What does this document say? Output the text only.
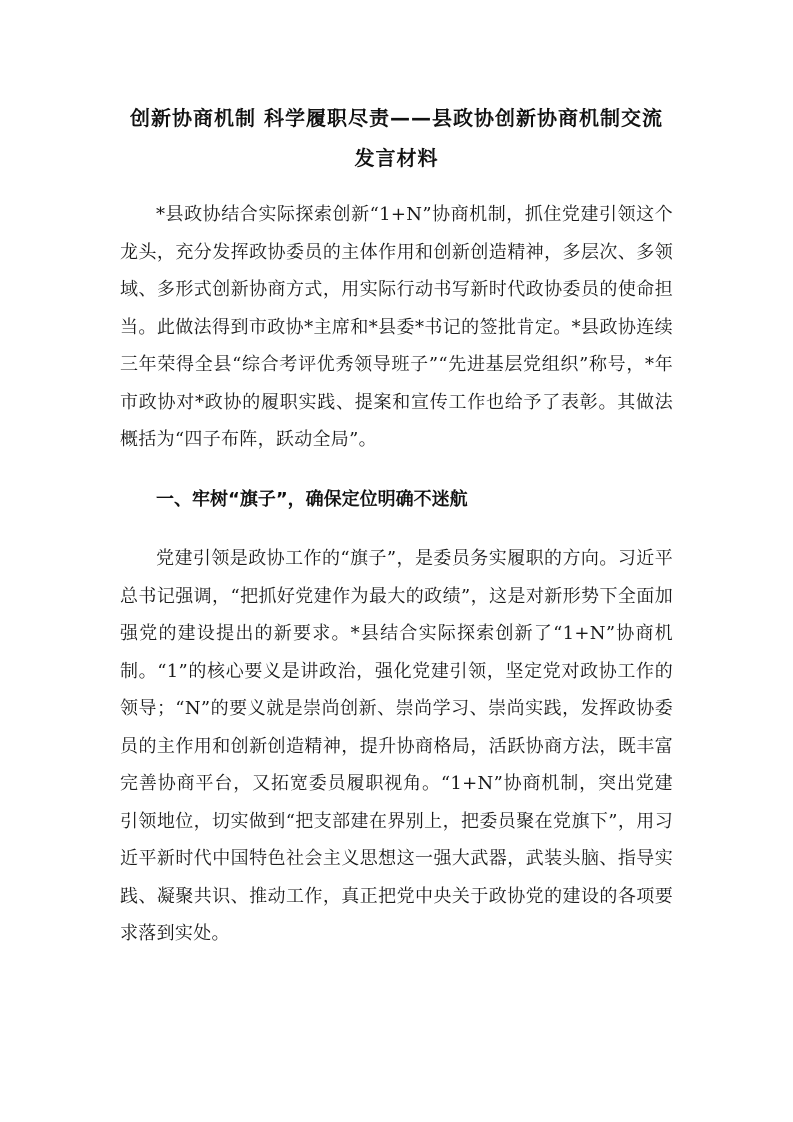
创新协商机制 科学履职尽责——县政协创新协商机制交流发言材料

*县政协结合实际探索创新“1+N”协商机制，抓住党建引领这个龙头，充分发挥政协委员的主体作用和创新创造精神，多层次、多领域、多形式创新协商方式，用实际行动书写新时代政协委员的使命担当。此做法得到市政协*主席和*县委*书记的签批肯定。*县政协连续三年荣得全县“综合考评优秀领导班子”“先进基层党组织”称号，*年市政协对*政协的履职实践、提案和宣传工作也给予了表彰。其做法概括为“四子布阵，跃动全局”。

一、牢树“旗子”，确保定位明确不迷航

党建引领是政协工作的“旗子”，是委员务实履职的方向。习近平总书记强调，“把抓好党建作为最大的政绩”，这是对新形势下全面加强党的建设提出的新要求。*县结合实际探索创新了“1+N”协商机制。“1”的核心要义是讲政治，强化党建引领，坚定党对政协工作的领导；“N”的要义就是崇尚创新、崇尚学习、崇尚实践，发挥政协委员的主作用和创新创造精神，提升协商格局，活跃协商方法，既丰富完善协商平台，又拓宽委员履职视角。“1+N”协商机制，突出党建引领地位，切实做到“把支部建在界别上，把委员聚在党旗下”，用习近平新时代中国特色社会主义思想这一强大武器，武装头脑、指导实践、凝聚共识、推动工作，真正把党中央关于政协党的建设的各项要求落到实处。
